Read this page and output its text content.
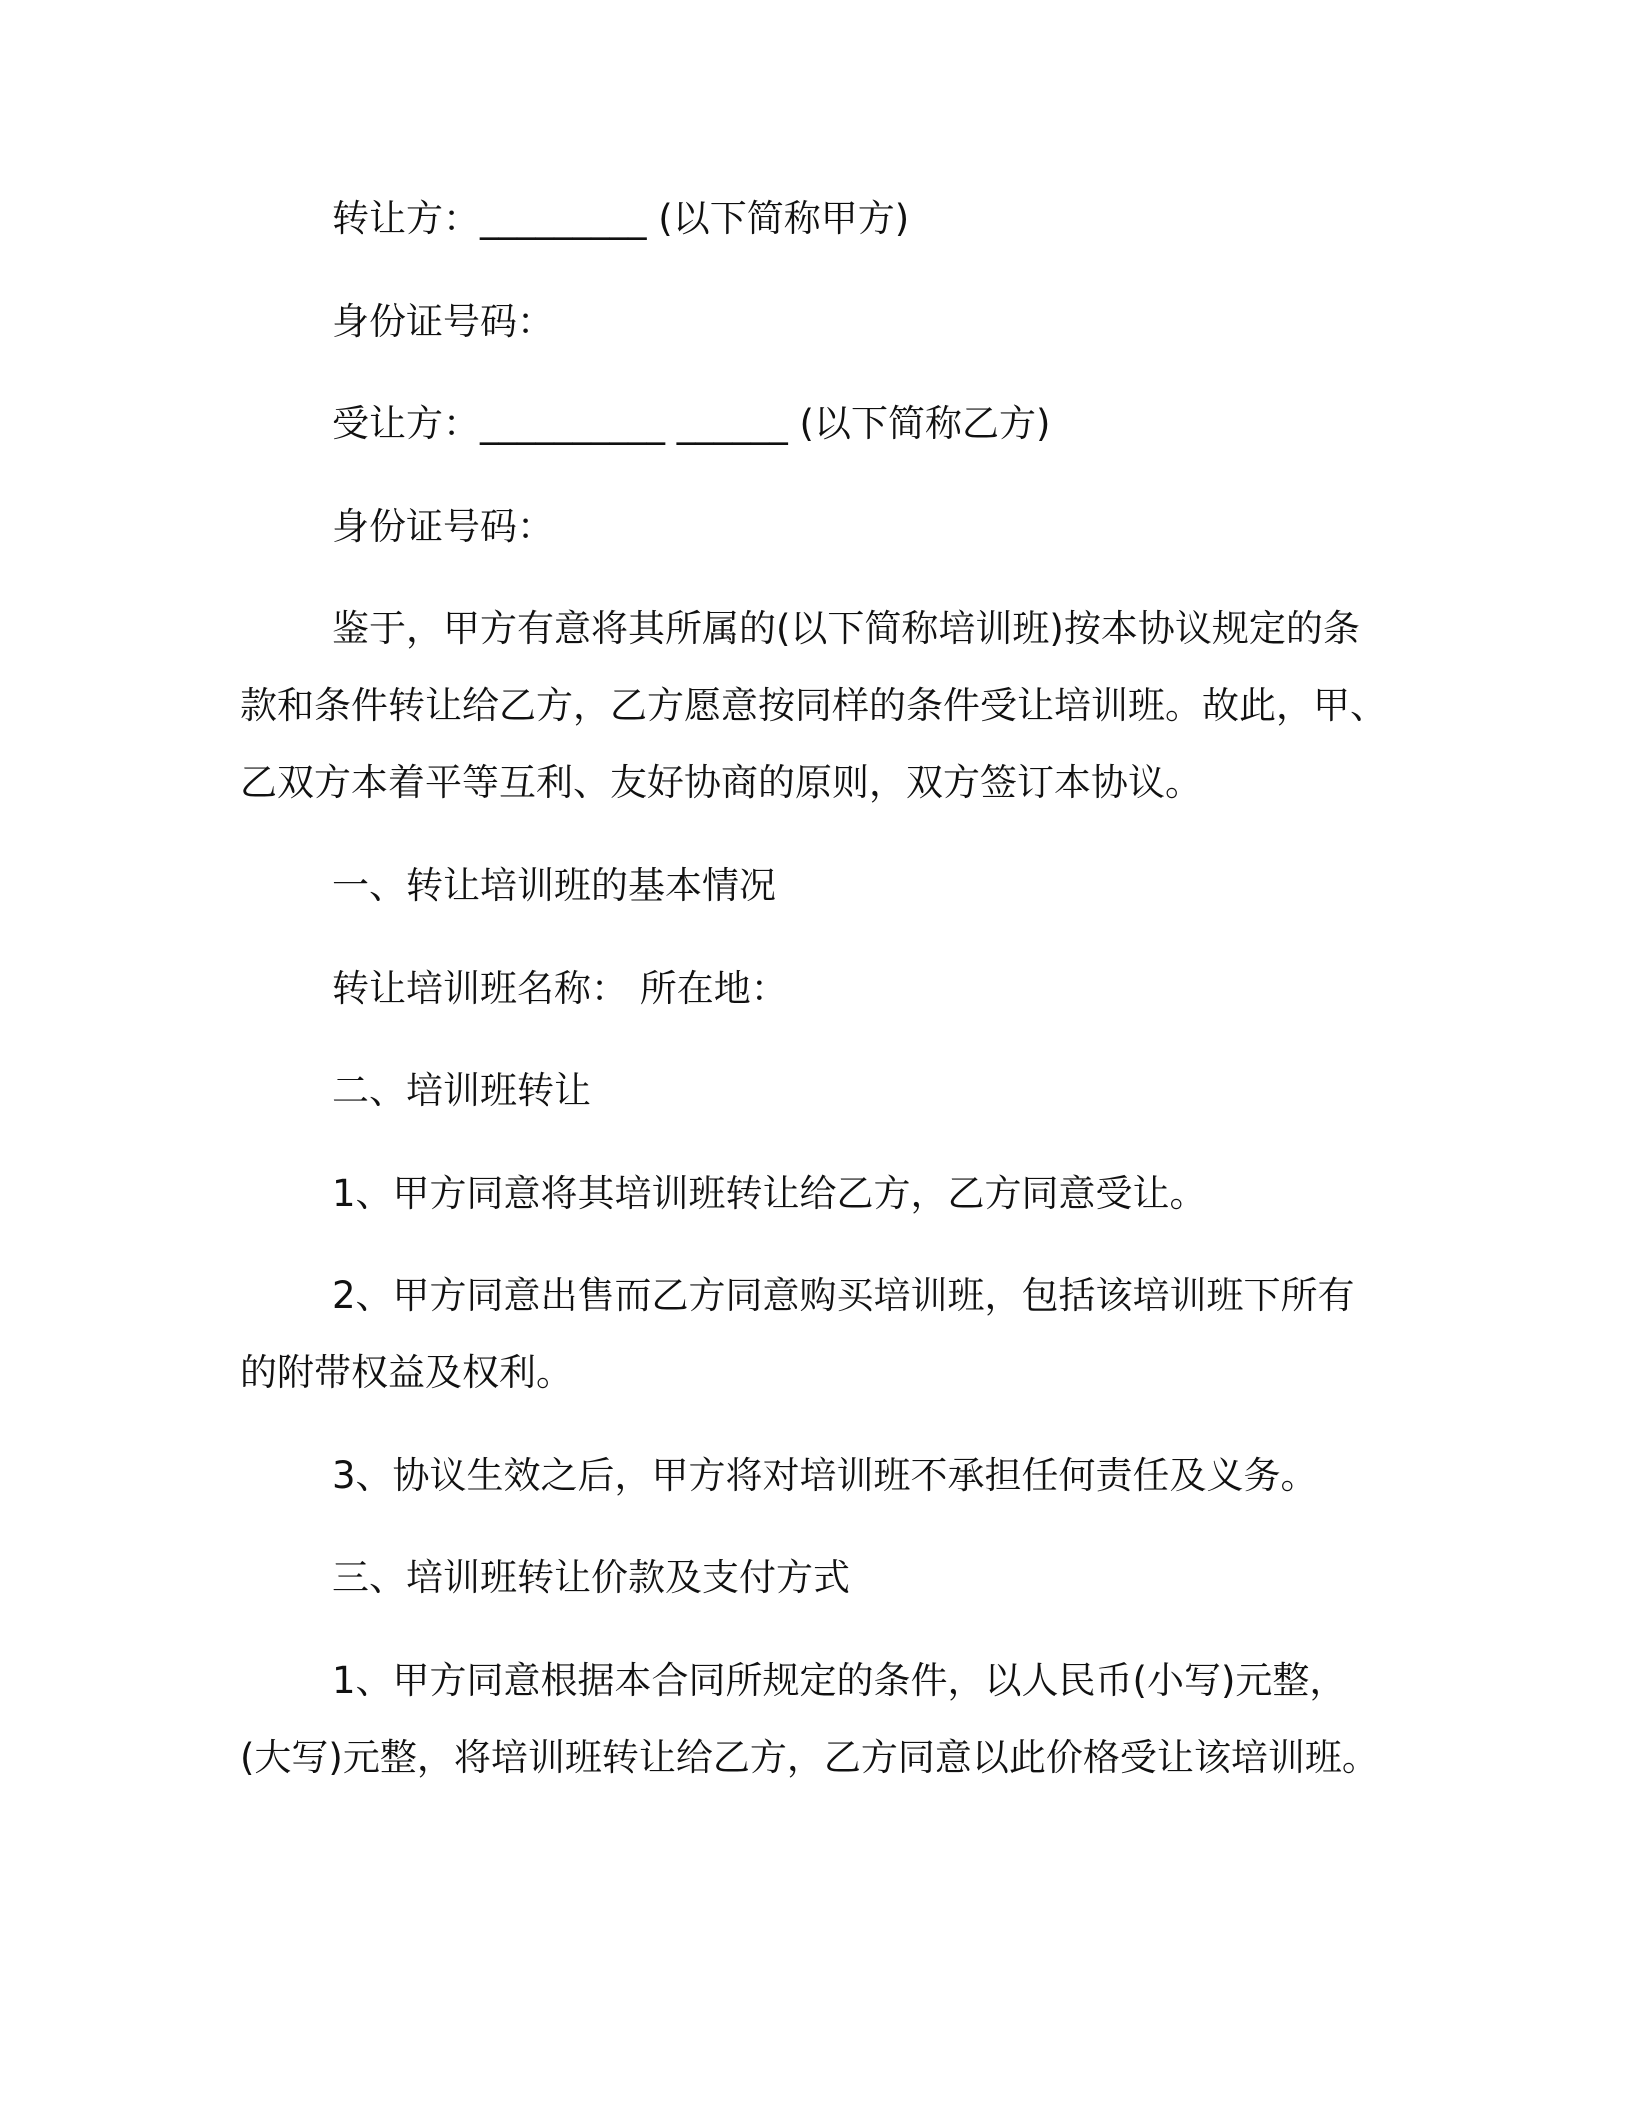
转让方：_________ (以下简称甲方)

身份证号码：

受让方：__________ ______ (以下简称乙方)

身份证号码：

鉴于，甲方有意将其所属的(以下简称培训班)按本协议规定的条

款和条件转让给乙方，乙方愿意按同样的条件受让培训班。故此，甲、

乙双方本着平等互利、友好协商的原则，双方签订本协议。

一、转让培训班的基本情况

转让培训班名称： 所在地：

二、培训班转让

1、甲方同意将其培训班转让给乙方，乙方同意受让。

2、甲方同意出售而乙方同意购买培训班，包括该培训班下所有

的附带权益及权利。

3、协议生效之后，甲方将对培训班不承担任何责任及义务。

三、培训班转让价款及支付方式

1、甲方同意根据本合同所规定的条件，以人民币(小写)元整，

(大写)元整，将培训班转让给乙方，乙方同意以此价格受让该培训班。
